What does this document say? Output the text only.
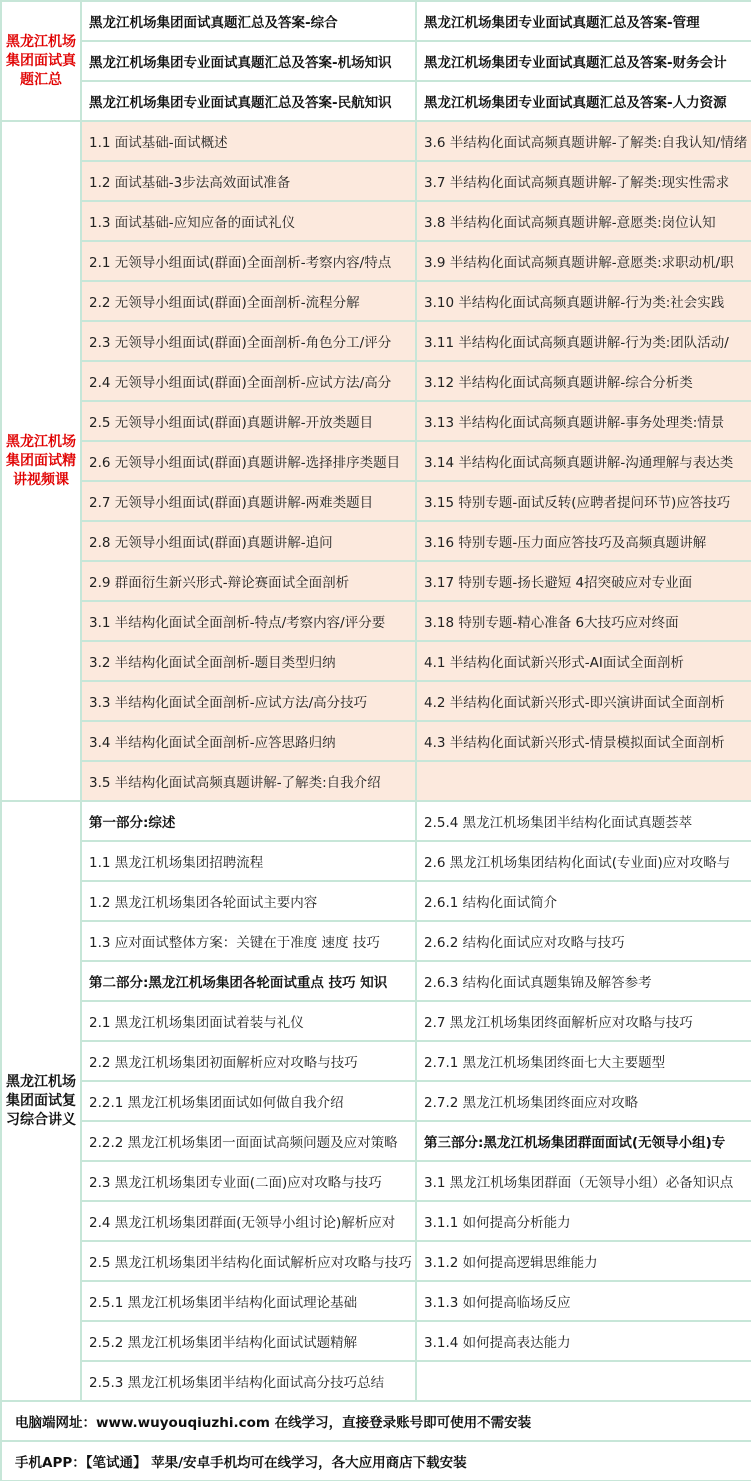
黑龙江机场集团面试真题汇总	黑龙江机场集团面试真题汇总及答案-综合	黑龙江机场集团专业面试真题汇总及答案-管理
	黑龙江机场集团专业面试真题汇总及答案-机场知识	黑龙江机场集团专业面试真题汇总及答案-财务会计
	黑龙江机场集团专业面试真题汇总及答案-民航知识	黑龙江机场集团专业面试真题汇总及答案-人力资源
黑龙江机场集团面试精讲视频课	1.1 面试基础-面试概述	3.6 半结构化面试高频真题讲解-了解类:自我认知/情绪
	1.2 面试基础-3步法高效面试准备	3.7 半结构化面试高频真题讲解-了解类:现实性需求
	1.3 面试基础-应知应备的面试礼仪	3.8 半结构化面试高频真题讲解-意愿类:岗位认知
	2.1 无领导小组面试(群面)全面剖析-考察内容/特点	3.9 半结构化面试高频真题讲解-意愿类:求职动机/职
	2.2 无领导小组面试(群面)全面剖析-流程分解	3.10 半结构化面试高频真题讲解-行为类:社会实践
	2.3 无领导小组面试(群面)全面剖析-角色分工/评分	3.11 半结构化面试高频真题讲解-行为类:团队活动/
	2.4 无领导小组面试(群面)全面剖析-应试方法/高分	3.12 半结构化面试高频真题讲解-综合分析类
	2.5 无领导小组面试(群面)真题讲解-开放类题目	3.13 半结构化面试高频真题讲解-事务处理类:情景
	2.6 无领导小组面试(群面)真题讲解-选择排序类题目	3.14 半结构化面试高频真题讲解-沟通理解与表达类
	2.7 无领导小组面试(群面)真题讲解-两难类题目	3.15 特别专题-面试反转(应聘者提问环节)应答技巧
	2.8 无领导小组面试(群面)真题讲解-追问	3.16 特别专题-压力面应答技巧及高频真题讲解
	2.9 群面衍生新兴形式-辩论赛面试全面剖析	3.17 特别专题-扬长避短 4招突破应对专业面
	3.1 半结构化面试全面剖析-特点/考察内容/评分要	3.18 特别专题-精心准备 6大技巧应对终面
	3.2 半结构化面试全面剖析-题目类型归纳	4.1 半结构化面试新兴形式-AI面试全面剖析
	3.3 半结构化面试全面剖析-应试方法/高分技巧	4.2 半结构化面试新兴形式-即兴演讲面试全面剖析
	3.4 半结构化面试全面剖析-应答思路归纳	4.3 半结构化面试新兴形式-情景模拟面试全面剖析
	3.5 半结构化面试高频真题讲解-了解类:自我介绍	
黑龙江机场集团面试复习综合讲义	第一部分:综述	2.5.4 黑龙江机场集团半结构化面试真题荟萃
	1.1 黑龙江机场集团招聘流程	2.6 黑龙江机场集团结构化面试(专业面)应对攻略与
	1.2 黑龙江机场集团各轮面试主要内容	2.6.1 结构化面试简介
	1.3 应对面试整体方案：关键在于准度 速度 技巧	2.6.2 结构化面试应对攻略与技巧
	第二部分:黑龙江机场集团各轮面试重点 技巧 知识	2.6.3 结构化面试真题集锦及解答参考
	2.1 黑龙江机场集团面试着装与礼仪	2.7 黑龙江机场集团终面解析应对攻略与技巧
	2.2 黑龙江机场集团初面解析应对攻略与技巧	2.7.1 黑龙江机场集团终面七大主要题型
	2.2.1 黑龙江机场集团面试如何做自我介绍	2.7.2 黑龙江机场集团终面应对攻略
	2.2.2 黑龙江机场集团一面面试高频问题及应对策略	第三部分:黑龙江机场集团群面面试(无领导小组)专
	2.3 黑龙江机场集团专业面(二面)应对攻略与技巧	3.1 黑龙江机场集团群面（无领导小组）必备知识点
	2.4 黑龙江机场集团群面(无领导小组讨论)解析应对	3.1.1 如何提高分析能力
	2.5 黑龙江机场集团半结构化面试解析应对攻略与技巧	3.1.2 如何提高逻辑思维能力
	2.5.1 黑龙江机场集团半结构化面试理论基础	3.1.3 如何提高临场反应
	2.5.2 黑龙江机场集团半结构化面试试题精解	3.1.4 如何提高表达能力
	2.5.3 黑龙江机场集团半结构化面试高分技巧总结	
电脑端网址：www.wuyouqiuzhi.com 在线学习，直接登录账号即可使用不需安装		
手机APP：【笔试通】 苹果/安卓手机均可在线学习，各大应用商店下载安装		
